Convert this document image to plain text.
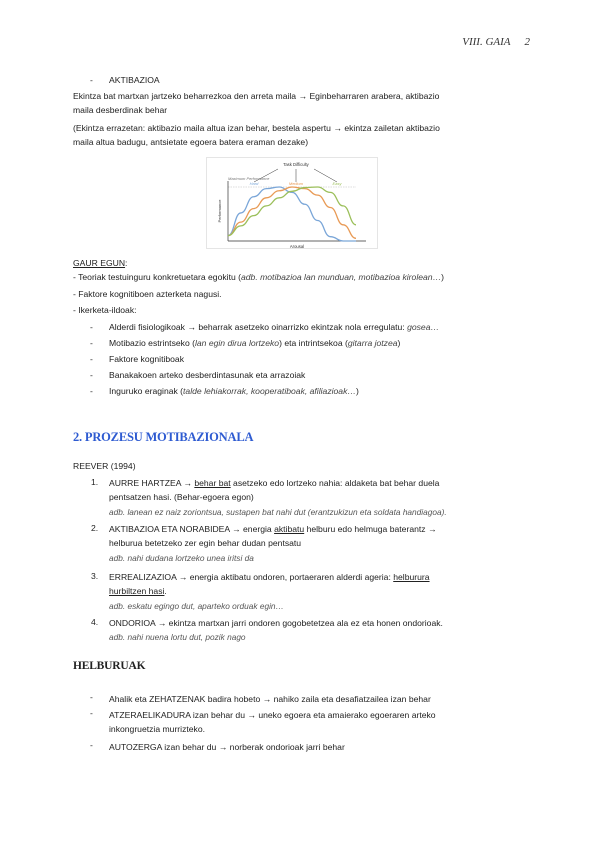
VIII. GAIA 2
- AKTIBAZIOA
Ekintza bat martxan jartzeko beharrezkoa den arreta maila → Eginbeharraren arabera, aktibazio
maila desberdinak behar
(Ekintza errazetan: aktibazio maila altua izan behar, bestela aspertu → ekintza zailetan aktibazio
maila altua badugu, antsietate egoera batera eraman dezake)
Task Difficulty
Maximum Performance
Performance
Arousal
Hard	Medium	Easy
GAUR EGUN:
- Teoriak testuinguru konkretuetara egokitu (adb. motibazioa lan munduan, motibazioa kirolean…)
- Faktore kognitiboen azterketa nagusi.
- Ikerketa-ildoak:
- Alderdi fisiologikoak → beharrak asetzeko oinarrizko ekintzak nola erregulatu: gosea…
- Motibazio estrintseko (lan egin dirua lortzeko) eta intrintsekoa (gitarra jotzea)
- Faktore kognitiboak
- Banakakoen arteko desberdintasunak eta arrazoiak
- Inguruko eraginak (talde lehiakorrak, kooperatiboak, afiliazioak…)
2. PROZESU MOTIBAZIONALA
REEVER (1994)
1. AURRE HARTZEA → behar bat asetzeko edo lortzeko nahia: aldaketa bat behar duela
pentsatzen hasi. (Behar-egoera egon)
adb. lanean ez naiz zoriontsua, sustapen bat nahi dut (erantzukizun eta soldata handiagoa).
2. AKTIBAZIOA ETA NORABIDEA → energia aktibatu helburu edo helmuga baterantz →
helburua betetzeko zer egin behar dudan pentsatu
adb. nahi dudana lortzeko unea iritsi da
3. ERREALIZAZIOA → energia aktibatu ondoren, portaeraren alderdi ageria: helburura
hurbiltzen hasi.
adb. eskatu egingo dut, aparteko orduak egin…
4. ONDORIOA → ekintza martxan jarri ondoren gogobetetzea ala ez eta honen ondorioak.
adb. nahi nuena lortu dut, pozik nago
HELBURUAK
- Ahalik eta ZEHATZENAK badira hobeto → nahiko zaila eta desafiatzailea izan behar
- ATZERAELIKADURA izan behar du → uneko egoera eta amaierako egoeraren arteko
inkongruetzia murrizteko.
- AUTOZERGA izan behar du → norberak ondorioak jarri behar
